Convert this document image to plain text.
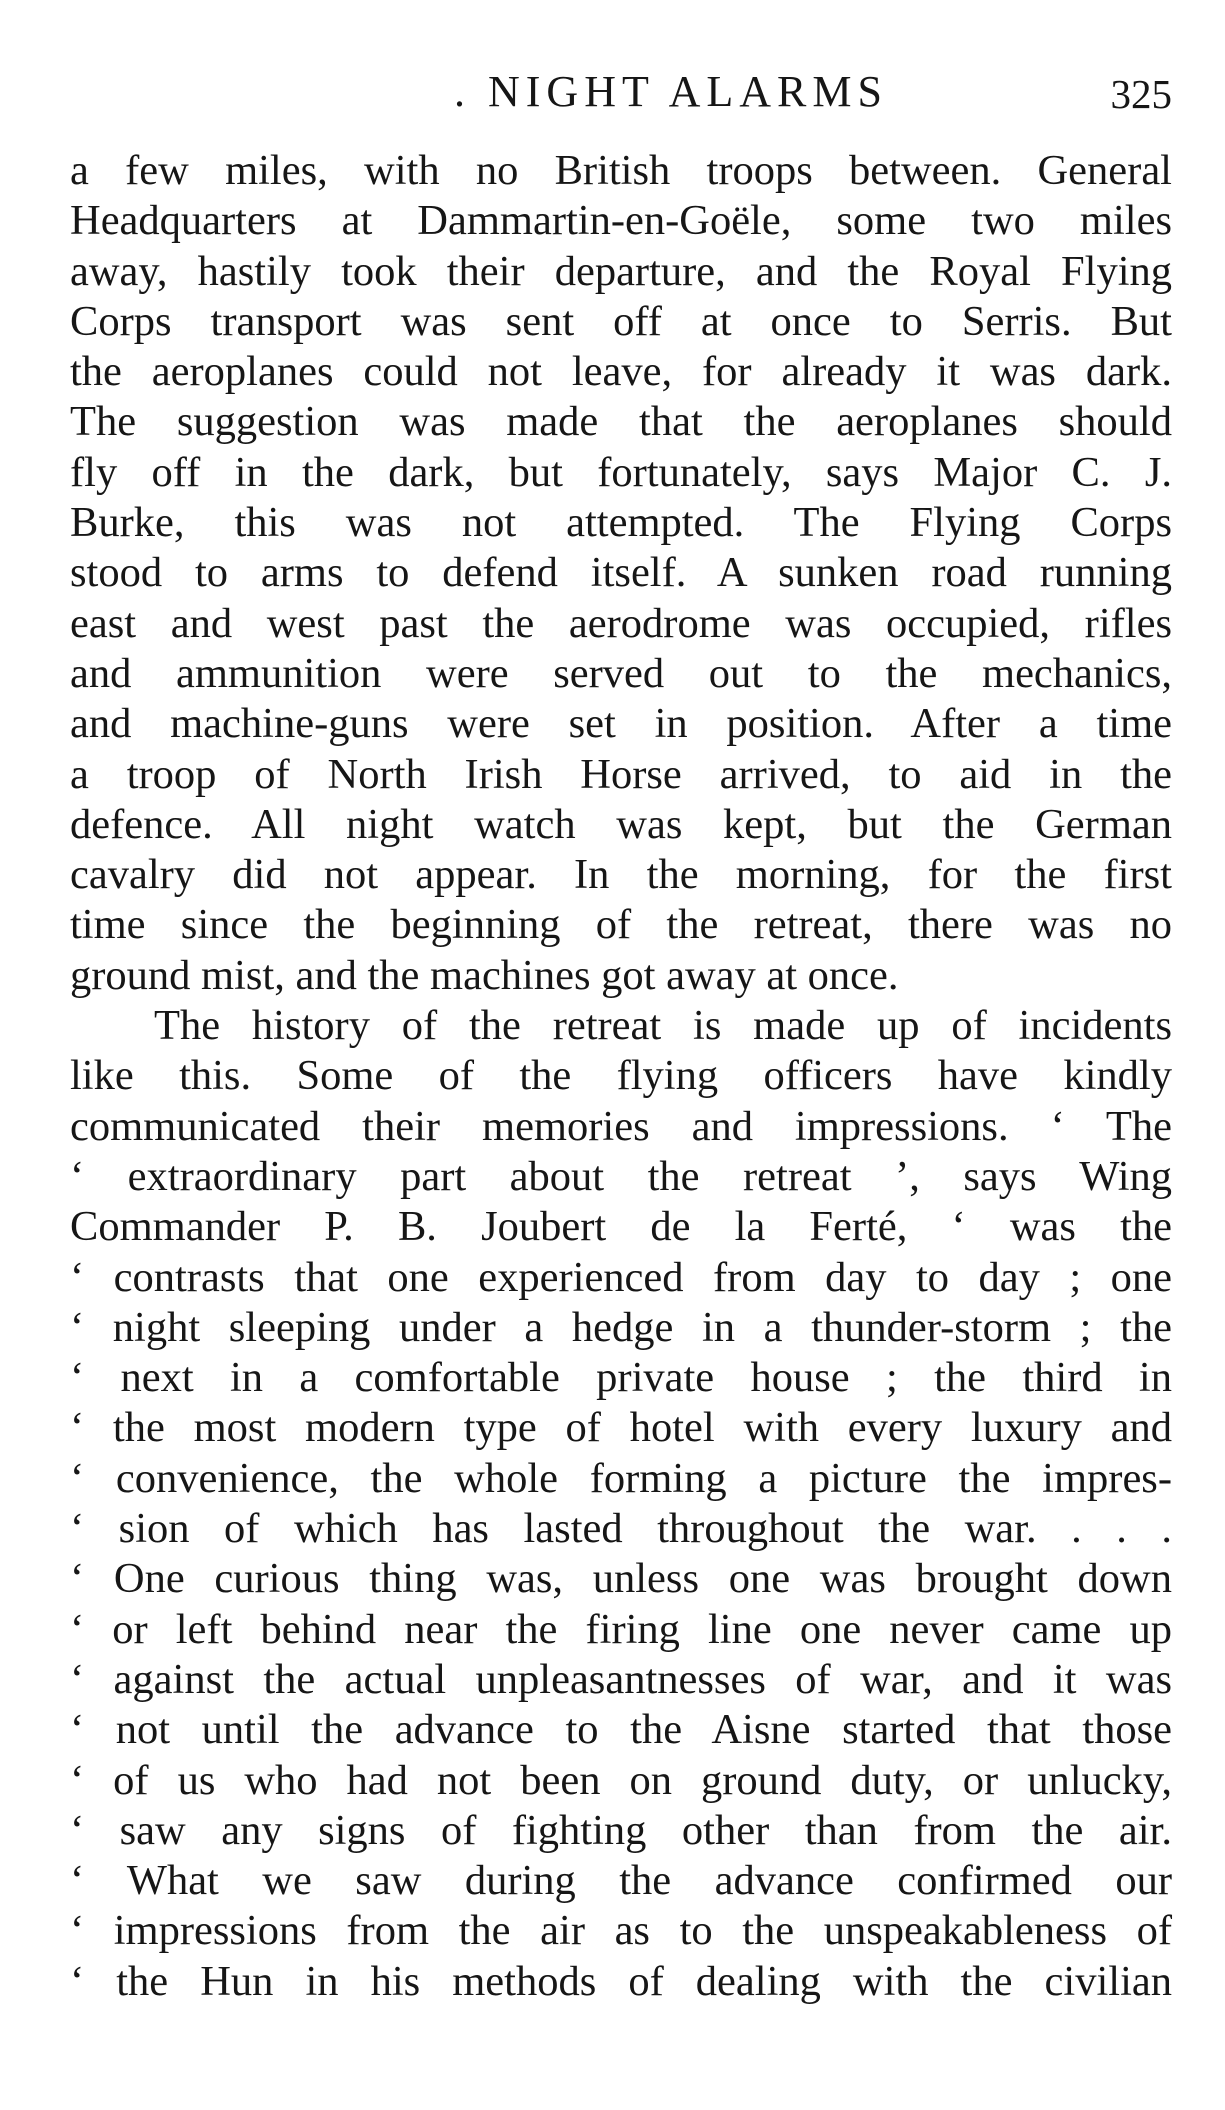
. NIGHT ALARMS	325
a few miles, with no British troops between. General
Headquarters at Dammartin-en-Goële, some two miles
away, hastily took their departure, and the Royal Flying
Corps transport was sent off at once to Serris. But
the aeroplanes could not leave, for already it was dark.
The suggestion was made that the aeroplanes should
fly off in the dark, but fortunately, says Major C. J.
Burke, this was not attempted. The Flying Corps
stood to arms to defend itself. A sunken road running
east and west past the aerodrome was occupied, rifles
and ammunition were served out to the mechanics,
and machine-guns were set in position. After a time
a troop of North Irish Horse arrived, to aid in the
defence. All night watch was kept, but the German
cavalry did not appear. In the morning, for the first
time since the beginning of the retreat, there was no
ground mist, and the machines got away at once.
The history of the retreat is made up of incidents
like this. Some of the flying officers have kindly
communicated their memories and impressions. ‘ The
‘ extraordinary part about the retreat ’, says Wing
Commander P. B. Joubert de la Ferté, ‘ was the
‘ contrasts that one experienced from day to day ; one
‘ night sleeping under a hedge in a thunder-storm ; the
‘ next in a comfortable private house ; the third in
‘ the most modern type of hotel with every luxury and
‘ convenience, the whole forming a picture the impres-
‘ sion of which has lasted throughout the war. . . .
‘ One curious thing was, unless one was brought down
‘ or left behind near the firing line one never came up
‘ against the actual unpleasantnesses of war, and it was
‘ not until the advance to the Aisne started that those
‘ of us who had not been on ground duty, or unlucky,
‘ saw any signs of fighting other than from the air.
‘ What we saw during the advance confirmed our
‘ impressions from the air as to the unspeakableness of
‘ the Hun in his methods of dealing with the civilian
